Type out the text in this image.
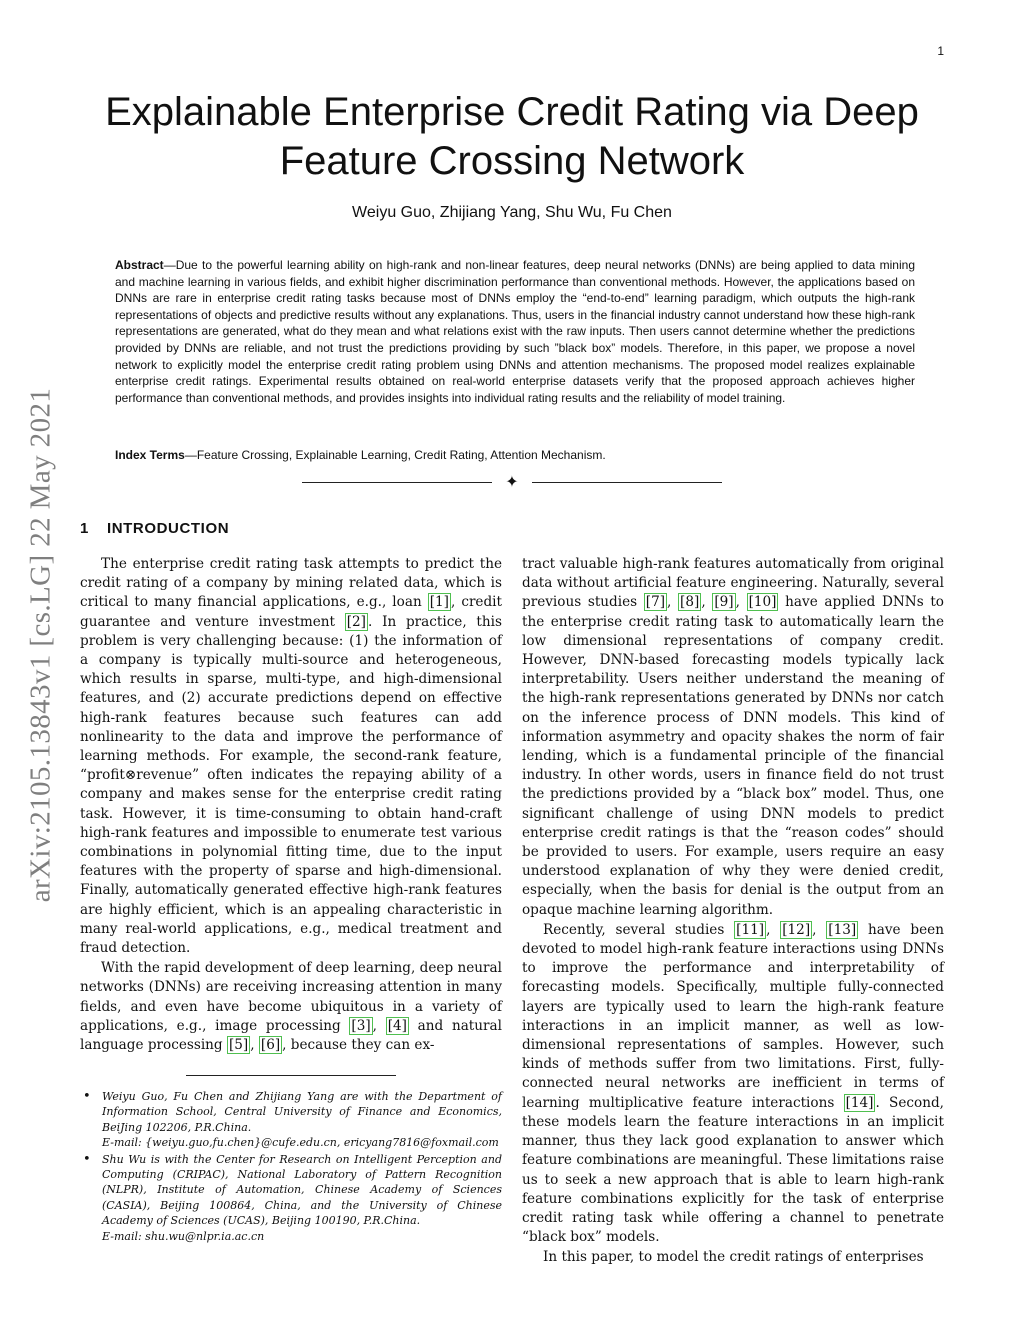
1
arXiv:2105.13843v1 [cs.LG] 22 May 2021
Explainable Enterprise Credit Rating via Deep Feature Crossing Network
Weiyu Guo, Zhijiang Yang, Shu Wu, Fu Chen
Abstract—Due to the powerful learning ability on high-rank and non-linear features, deep neural networks (DNNs) are being applied to data mining and machine learning in various fields, and exhibit higher discrimination performance than conventional methods. However, the applications based on DNNs are rare in enterprise credit rating tasks because most of DNNs employ the “end-to-end” learning paradigm, which outputs the high-rank representations of objects and predictive results without any explanations. Thus, users in the financial industry cannot understand how these high-rank representations are generated, what do they mean and what relations exist with the raw inputs. Then users cannot determine whether the predictions provided by DNNs are reliable, and not trust the predictions providing by such ”black box” models. Therefore, in this paper, we propose a novel network to explicitly model the enterprise credit rating problem using DNNs and attention mechanisms. The proposed model realizes explainable enterprise credit ratings. Experimental results obtained on real-world enterprise datasets verify that the proposed approach achieves higher performance than conventional methods, and provides insights into individual rating results and the reliability of model training.
Index Terms—Feature Crossing, Explainable Learning, Credit Rating, Attention Mechanism.
✦
1 INTRODUCTION

The enterprise credit rating task attempts to predict the credit rating of a company by mining related data, which is critical to many financial applications, e.g., loan [1] , credit guarantee and venture investment [2] . In practice, this problem is very challenging because: (1) the information of a company is typically multi-source and heterogeneous, which results in sparse, multi-type, and high-dimensional features, and (2) accurate predictions depend on effective high-rank features because such features can add nonlinearity to the data and improve the performance of learning methods. For example, the second-rank feature, “profit⊗revenue” often indicates the repaying ability of a company and makes sense for the enterprise credit rating task. However, it is time-consuming to obtain hand-craft high-rank features and impossible to enumerate test various combinations in polynomial fitting time, due to the input features with the property of sparse and high-dimensional. Finally, automatically generated effective high-rank features are highly efficient, which is an appealing characteristic in many real-world applications, e.g., medical treatment and fraud detection.

With the rapid development of deep learning, deep neural networks (DNNs) are receiving increasing attention in many fields, and even have become ubiquitous in a variety of applications, e.g., image processing [3] , [4] and natural language processing [5] , [6] , because they can ex-

• Weiyu Guo, Fu Chen and Zhijiang Yang are with the Department of Information School, Central University of Finance and Economics, BeiJing 102206, P.R.China.
E-mail: {weiyu.guo,fu.chen}@cufe.edu.cn, ericyang7816@foxmail.com
• Shu Wu is with the Center for Research on Intelligent Perception and Computing (CRIPAC), National Laboratory of Pattern Recognition (NLPR), Institute of Automation, Chinese Academy of Sciences (CASIA), Beijing 100864, China, and the University of Chinese Academy of Sciences (UCAS), Beijing 100190, P.R.China.
E-mail: shu.wu@nlpr.ia.ac.cn

tract valuable high-rank features automatically from original data without artificial feature engineering. Naturally, several previous studies [7] , [8] , [9] , [10] have applied DNNs to the enterprise credit rating task to automatically learn the low dimensional representations of company credit. However, DNN-based forecasting models typically lack interpretability. Users neither understand the meaning of the high-rank representations generated by DNNs nor catch on the inference process of DNN models. This kind of information asymmetry and opacity shakes the norm of fair lending, which is a fundamental principle of the financial industry. In other words, users in finance field do not trust the predictions provided by a “black box” model. Thus, one significant challenge of using DNN models to predict enterprise credit ratings is that the “reason codes” should be provided to users. For example, users require an easy understood explanation of why they were denied credit, especially, when the basis for denial is the output from an opaque machine learning algorithm.

Recently, several studies [11] , [12] , [13] have been devoted to model high-rank feature interactions using DNNs to improve the performance and interpretability of forecasting models. Specifically, multiple fully-connected layers are typically used to learn the high-rank feature interactions in an implicit manner, as well as low-dimensional representations of samples. However, such kinds of methods suffer from two limitations. First, fully-connected neural networks are inefficient in terms of learning multiplicative feature interactions [14] . Second, these models learn the feature interactions in an implicit manner, thus they lack good explanation to answer which feature combinations are meaningful. These limitations raise us to seek a new approach that is able to learn high-rank feature combinations explicitly for the task of enterprise credit rating task while offering a channel to penetrate “black box” models.

In this paper, to model the credit ratings of enterprises
